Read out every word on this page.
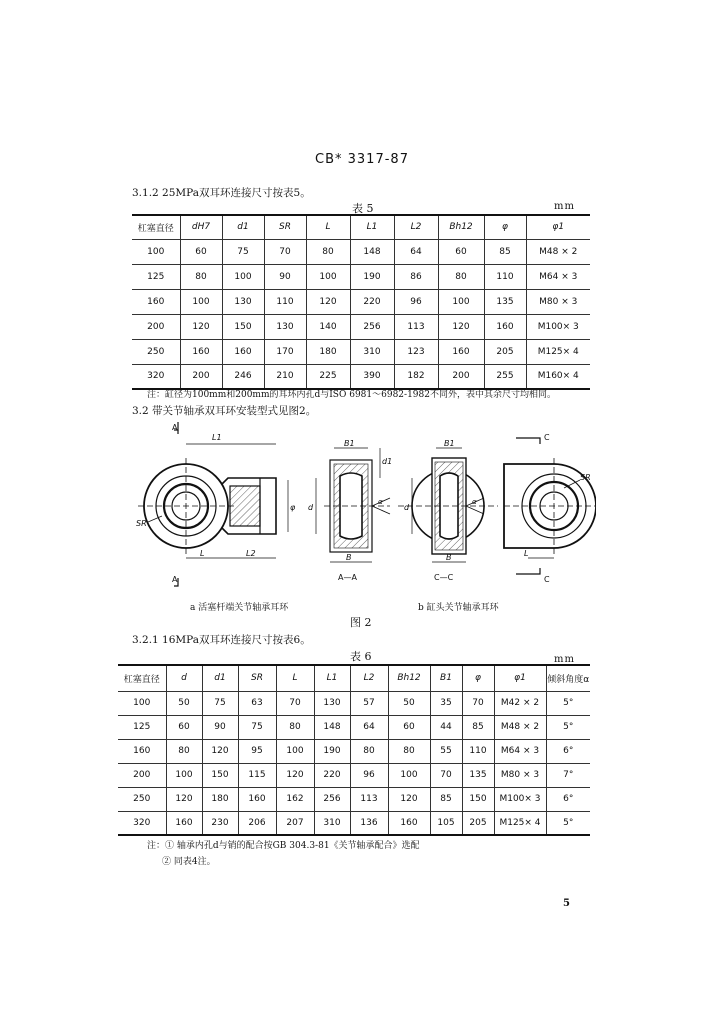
CB* 3317-87
3.1.2 25MPa双耳环连接尺寸按表5。
表 5	mm
杠塞直径	dH7	d1	SR	L	L1	L2	Bh12	φ	φ1
100	60	75	70	80	148	64	60	85	M48 × 2
125	80	100	90	100	190	86	80	110	M64 × 3
160	100	130	110	120	220	96	100	135	M80 × 3
200	120	150	130	140	256	113	120	160	M100× 3
250	160	160	170	180	310	123	160	205	M125× 4
320	200	246	210	225	390	182	200	255	M160× 4
注：缸径为100mm和200mm的耳环内孔d与ISO 6981～6982-1982不同外，表中其余尺寸均相同。
3.2 带关节轴承双耳环安装型式见图2。
A
L1
SR
φ
L	L2
A
B1
d1
d
α
B
A—A
B1
d
α
B
C—C
C
SR
L
C
a 活塞杆端关节轴承耳环	b 缸头关节轴承耳环
图 2
3.2.1 16MPa双耳环连接尺寸按表6。
表 6	mm
杠塞直径	d	d1	SR	L	L1	L2	Bh12	B1	φ	φ1	倾斜角度α
100	50	75	63	70	130	57	50	35	70	M42 × 2	5°
125	60	90	75	80	148	64	60	44	85	M48 × 2	5°
160	80	120	95	100	190	80	80	55	110	M64 × 3	6°
200	100	150	115	120	220	96	100	70	135	M80 × 3	7°
250	120	180	160	162	256	113	120	85	150	M100× 3	6°
320	160	230	206	207	310	136	160	105	205	M125× 4	5°
注：① 轴承内孔d与销的配合按GB 304.3-81《关节轴承配合》选配
② 同表4注。
5
